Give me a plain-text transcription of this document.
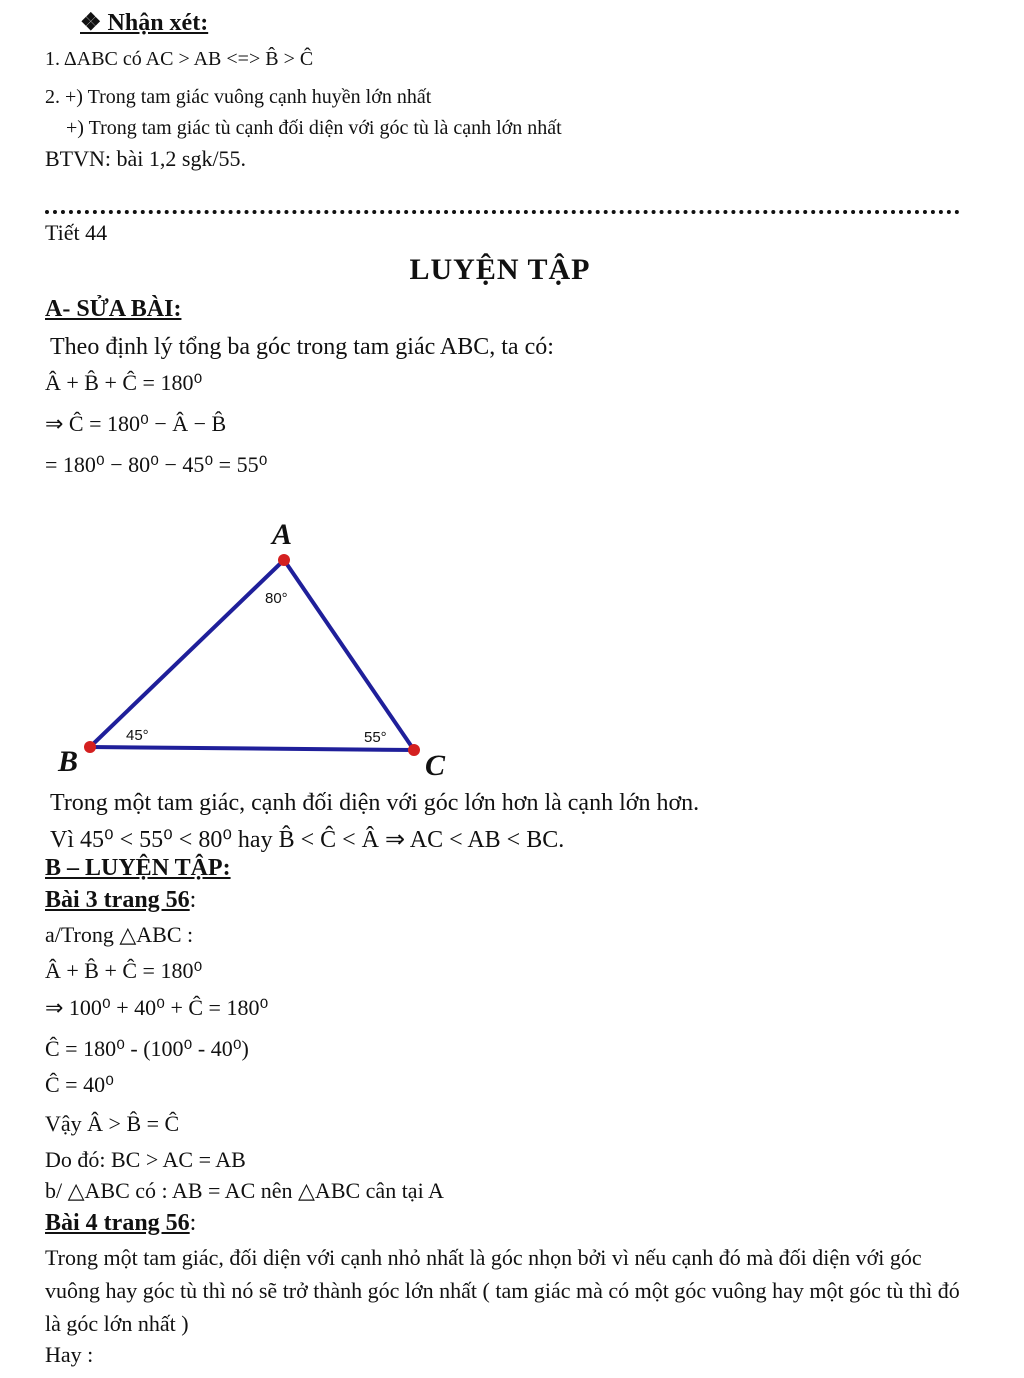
❖ Nhận xét:
1. ΔABC có AC > AB <=> B̂ > Ĉ
2. +) Trong tam giác vuông cạnh huyền lớn nhất
+) Trong tam giác tù cạnh đối diện với góc tù là cạnh lớn nhất
BTVN: bài 1,2 sgk/55.
Tiết 44
LUYỆN TẬP
A- SỬA BÀI:
Theo định lý tổng ba góc trong tam giác ABC, ta có:
Â + B̂ + Ĉ = 180⁰
⇒ Ĉ = 180⁰ − Â − B̂
= 180⁰ − 80⁰ − 45⁰ = 55⁰
A
B	C
80°
45°	55°
Trong một tam giác, cạnh đối diện với góc lớn hơn là cạnh lớn hơn.
Vì 45⁰ < 55⁰ < 80⁰ hay B̂ < Ĉ < Â ⇒ AC < AB < BC.
B – LUYỆN TẬP:
Bài 3 trang 56:
a/Trong △ABC :
Â + B̂ + Ĉ = 180⁰
⇒ 100⁰ + 40⁰ + Ĉ = 180⁰
Ĉ = 180⁰ - (100⁰ - 40⁰)
Ĉ = 40⁰
Vậy Â > B̂ = Ĉ
Do đó: BC > AC = AB
b/ △ABC có : AB = AC nên △ABC cân tại A
Bài 4 trang 56:
Trong một tam giác, đối diện với cạnh nhỏ nhất là góc nhọn bởi vì nếu cạnh đó mà đối diện với góc vuông hay góc tù thì nó sẽ trở thành góc lớn nhất ( tam giác mà có một góc vuông hay một góc tù thì đó là góc lớn nhất )
Hay :
